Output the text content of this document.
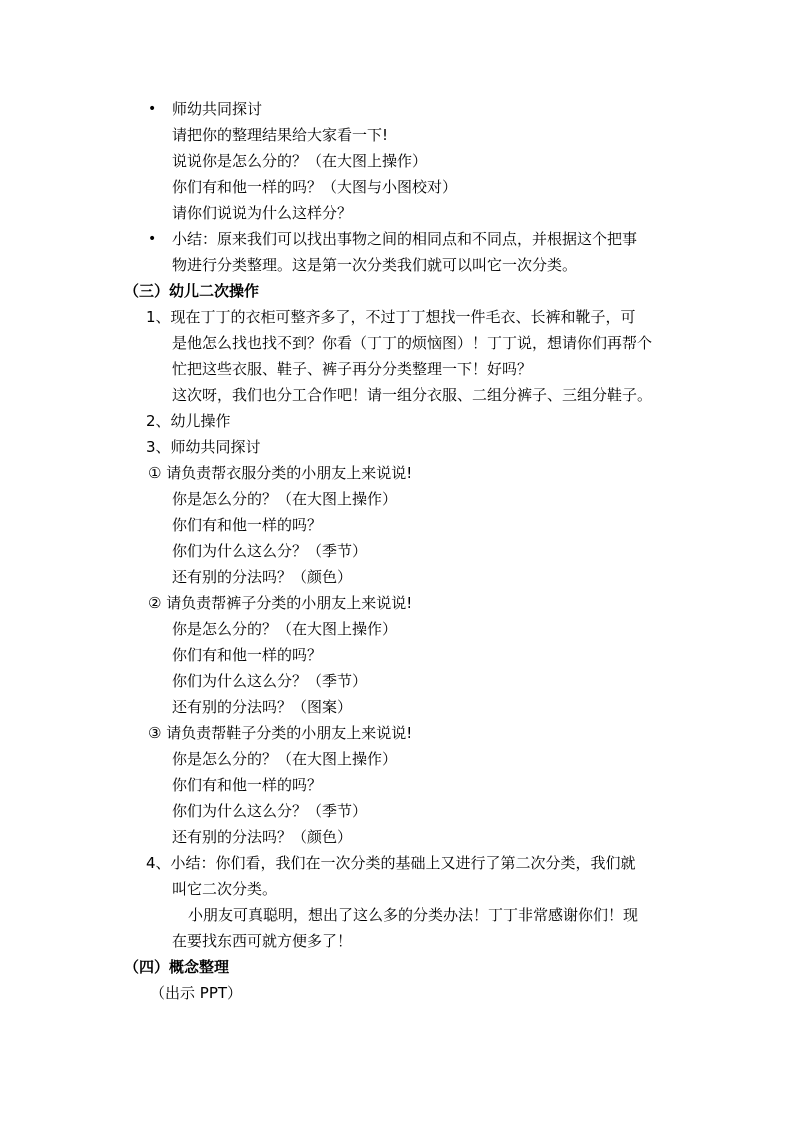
• 师幼共同探讨
请把你的整理结果给大家看一下!
说说你是怎么分的？（在大图上操作）
你们有和他一样的吗？（大图与小图校对）
请你们说说为什么这样分？
• 小结：原来我们可以找出事物之间的相同点和不同点，并根据这个把事
物进行分类整理。这是第一次分类我们就可以叫它一次分类。
（三）幼儿二次操作
1、现在丁丁的衣柜可整齐多了，不过丁丁想找一件毛衣、长裤和靴子，可
是他怎么找也找不到？你看（丁丁的烦恼图）！丁丁说，想请你们再帮个
忙把这些衣服、鞋子、裤子再分分类整理一下！好吗？
这次呀，我们也分工合作吧！请一组分衣服、二组分裤子、三组分鞋子。
2、幼儿操作
3、师幼共同探讨
① 请负责帮衣服分类的小朋友上来说说!
你是怎么分的？（在大图上操作）
你们有和他一样的吗？
你们为什么这么分？（季节）
还有别的分法吗？（颜色）
② 请负责帮裤子分类的小朋友上来说说!
你是怎么分的？（在大图上操作）
你们有和他一样的吗？
你们为什么这么分？（季节）
还有别的分法吗？（图案）
③ 请负责帮鞋子分类的小朋友上来说说!
你是怎么分的？（在大图上操作）
你们有和他一样的吗？
你们为什么这么分？（季节）
还有别的分法吗？（颜色）
4、小结：你们看，我们在一次分类的基础上又进行了第二次分类，我们就
叫它二次分类。
小朋友可真聪明，想出了这么多的分类办法！丁丁非常感谢你们！现
在要找东西可就方便多了！
（四）概念整理
（出示 PPT）
